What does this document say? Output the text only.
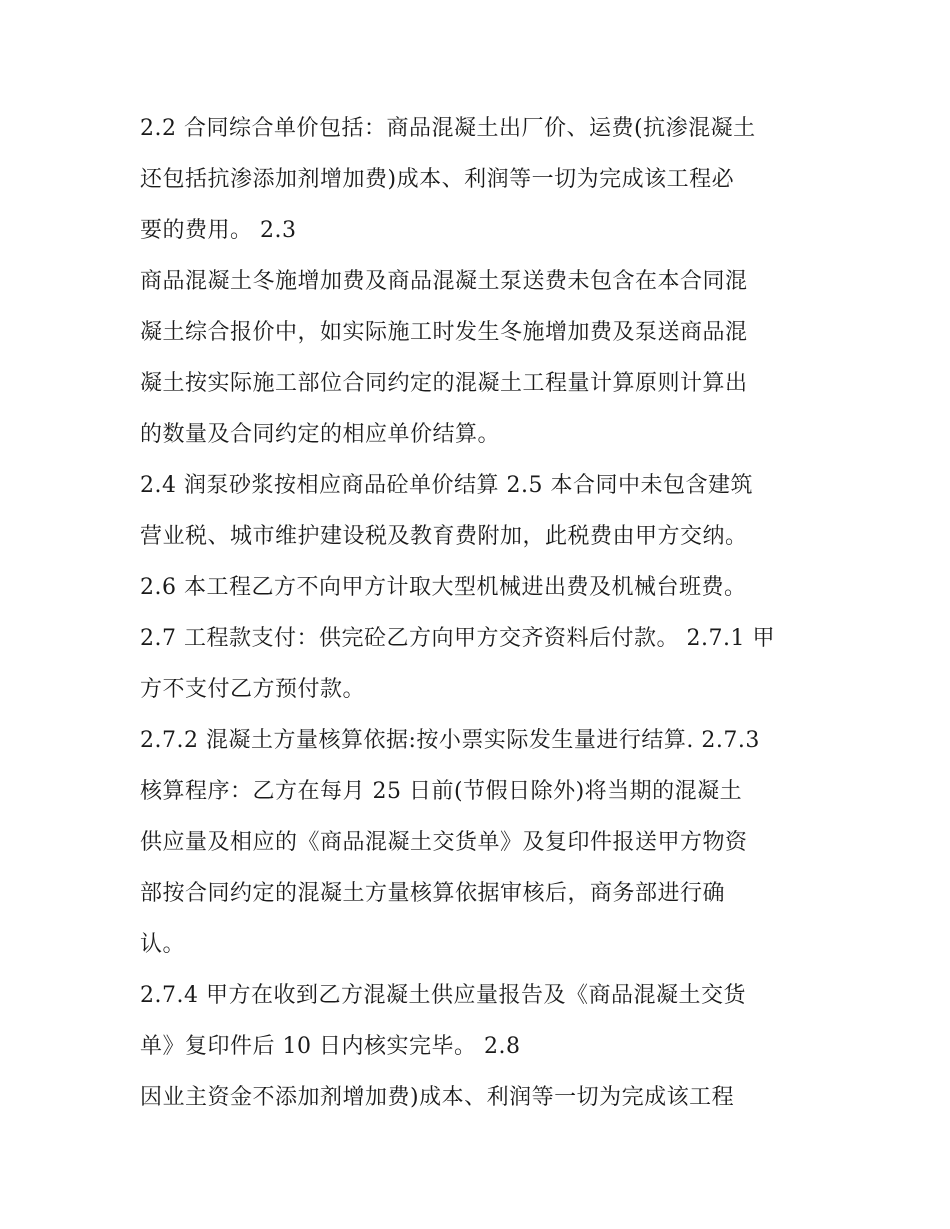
2.2 合同综合单价包括：商品混凝土出厂价、运费(抗渗混凝土
还包括抗渗添加剂增加费)成本、利润等一切为完成该工程必
要的费用。 2.3
商品混凝土冬施增加费及商品混凝土泵送费未包含在本合同混
凝土综合报价中，如实际施工时发生冬施增加费及泵送商品混
凝土按实际施工部位合同约定的混凝土工程量计算原则计算出
的数量及合同约定的相应单价结算。
2.4 润泵砂浆按相应商品砼单价结算 2.5 本合同中未包含建筑
营业税、城市维护建设税及教育费附加，此税费由甲方交纳。
2.6 本工程乙方不向甲方计取大型机械进出费及机械台班费。
2.7 工程款支付：供完砼乙方向甲方交齐资料后付款。 2.7.1 甲
方不支付乙方预付款。
2.7.2 混凝土方量核算依据:按小票实际发生量进行结算. 2.7.3
核算程序：乙方在每月 25 日前(节假日除外)将当期的混凝土
供应量及相应的《商品混凝土交货单》及复印件报送甲方物资
部按合同约定的混凝土方量核算依据审核后，商务部进行确
认。
2.7.4 甲方在收到乙方混凝土供应量报告及《商品混凝土交货
单》复印件后 10 日内核实完毕。 2.8
因业主资金不添加剂增加费)成本、利润等一切为完成该工程
